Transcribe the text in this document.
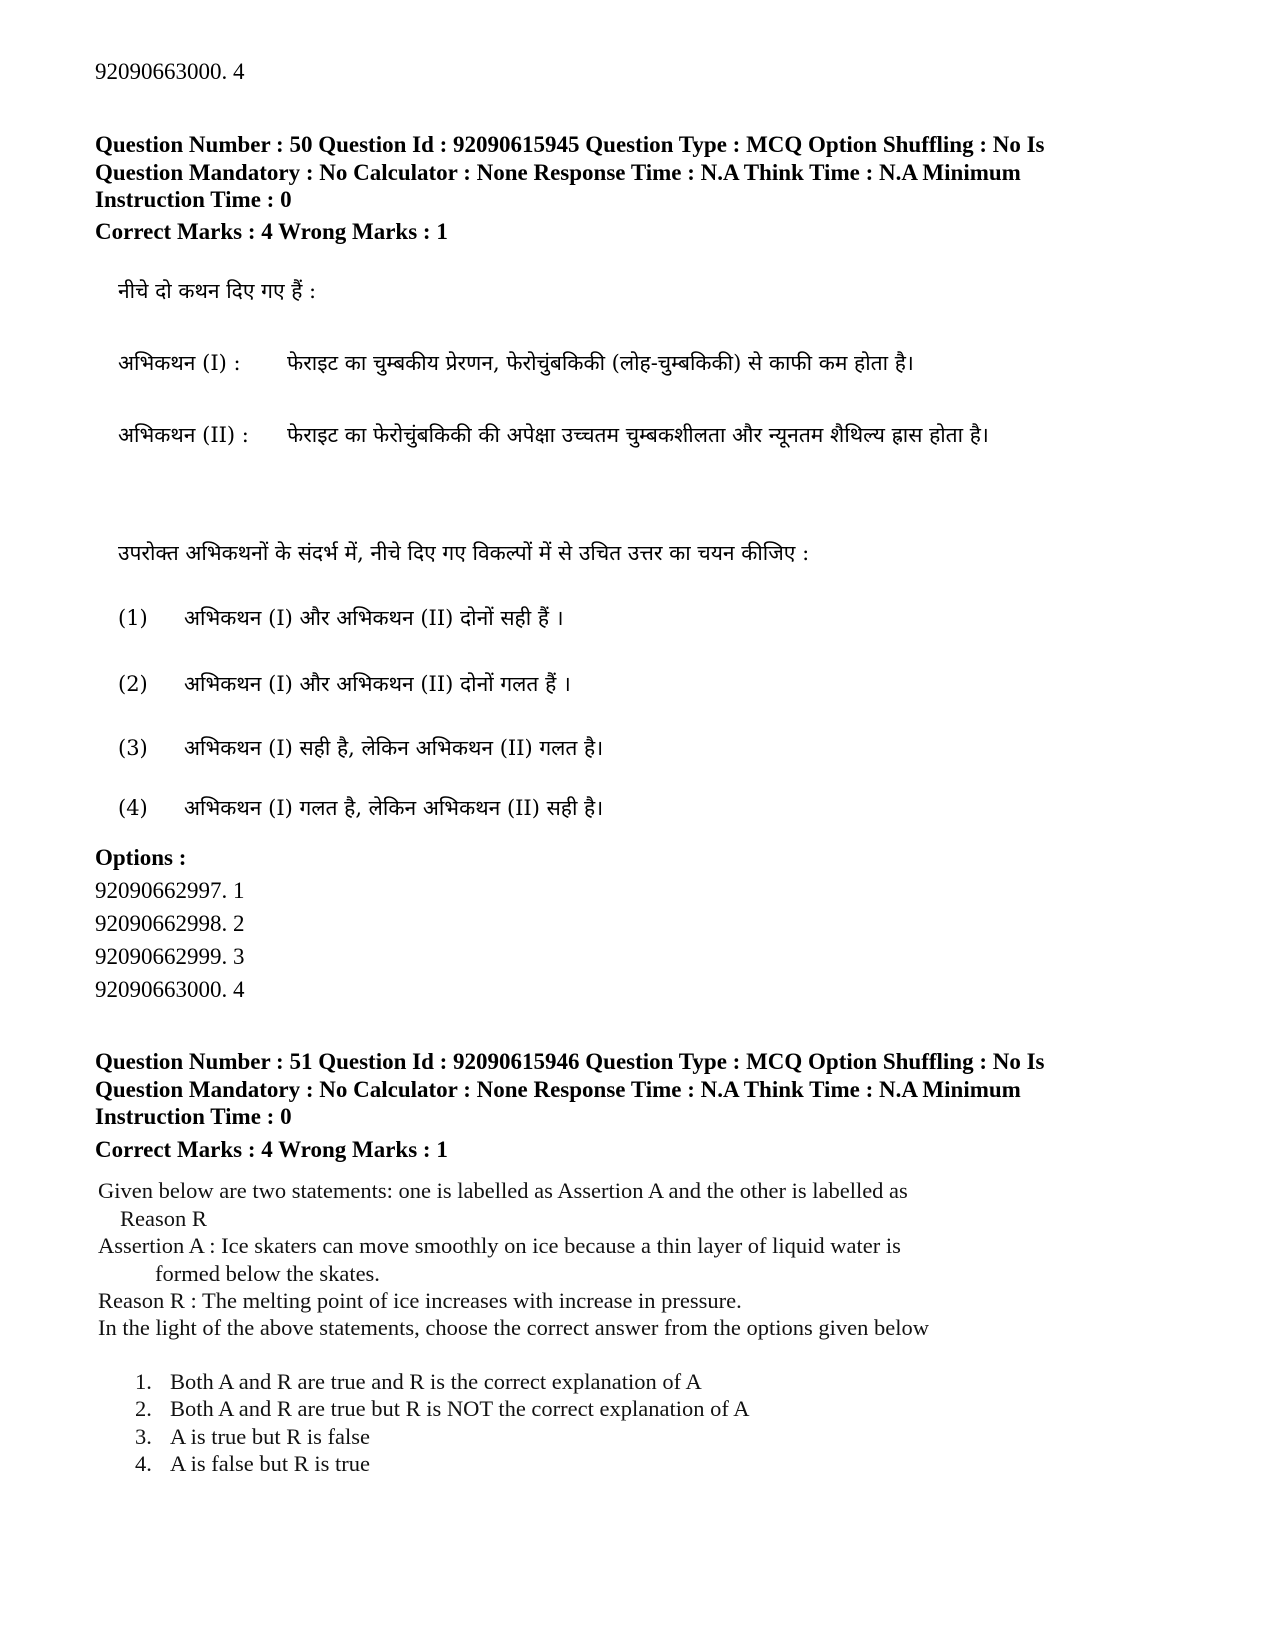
92090663000. 4
Question Number : 50 Question Id : 92090615945 Question Type : MCQ Option Shuffling : No Is
Question Mandatory : No Calculator : None Response Time : N.A Think Time : N.A Minimum
Instruction Time : 0
Correct Marks : 4 Wrong Marks : 1
नीचे दो कथन दिए गए हैं :
अभिकथन (I) :	फेराइट का चुम्बकीय प्रेरणन, फेरोचुंबकिकी (लोह-चुम्बकिकी) से काफी कम होता है।
अभिकथन (II) :	फेराइट का फेरोचुंबकिकी की अपेक्षा उच्चतम चुम्बकशीलता और न्यूनतम शैथिल्य ह्रास होता है।
उपरोक्त अभिकथनों के संदर्भ में, नीचे दिए गए विकल्पों में से उचित उत्तर का चयन कीजिए :
(1)	अभिकथन (I) और अभिकथन (II) दोनों सही हैं ।
(2)	अभिकथन (I) और अभिकथन (II) दोनों गलत हैं ।
(3)	अभिकथन (I) सही है, लेकिन अभिकथन (II) गलत है।
(4)	अभिकथन (I) गलत है, लेकिन अभिकथन (II) सही है।
Options :
92090662997. 1
92090662998. 2
92090662999. 3
92090663000. 4
Question Number : 51 Question Id : 92090615946 Question Type : MCQ Option Shuffling : No Is
Question Mandatory : No Calculator : None Response Time : N.A Think Time : N.A Minimum
Instruction Time : 0
Correct Marks : 4 Wrong Marks : 1
Given below are two statements: one is labelled as Assertion A and the other is labelled as
Reason R
Assertion A : Ice skaters can move smoothly on ice because a thin layer of liquid water is
formed below the skates.
Reason R : The melting point of ice increases with increase in pressure.
In the light of the above statements, choose the correct answer from the options given below
1. Both A and R are true and R is the correct explanation of A
2. Both A and R are true but R is NOT the correct explanation of A
3. A is true but R is false
4. A is false but R is true
